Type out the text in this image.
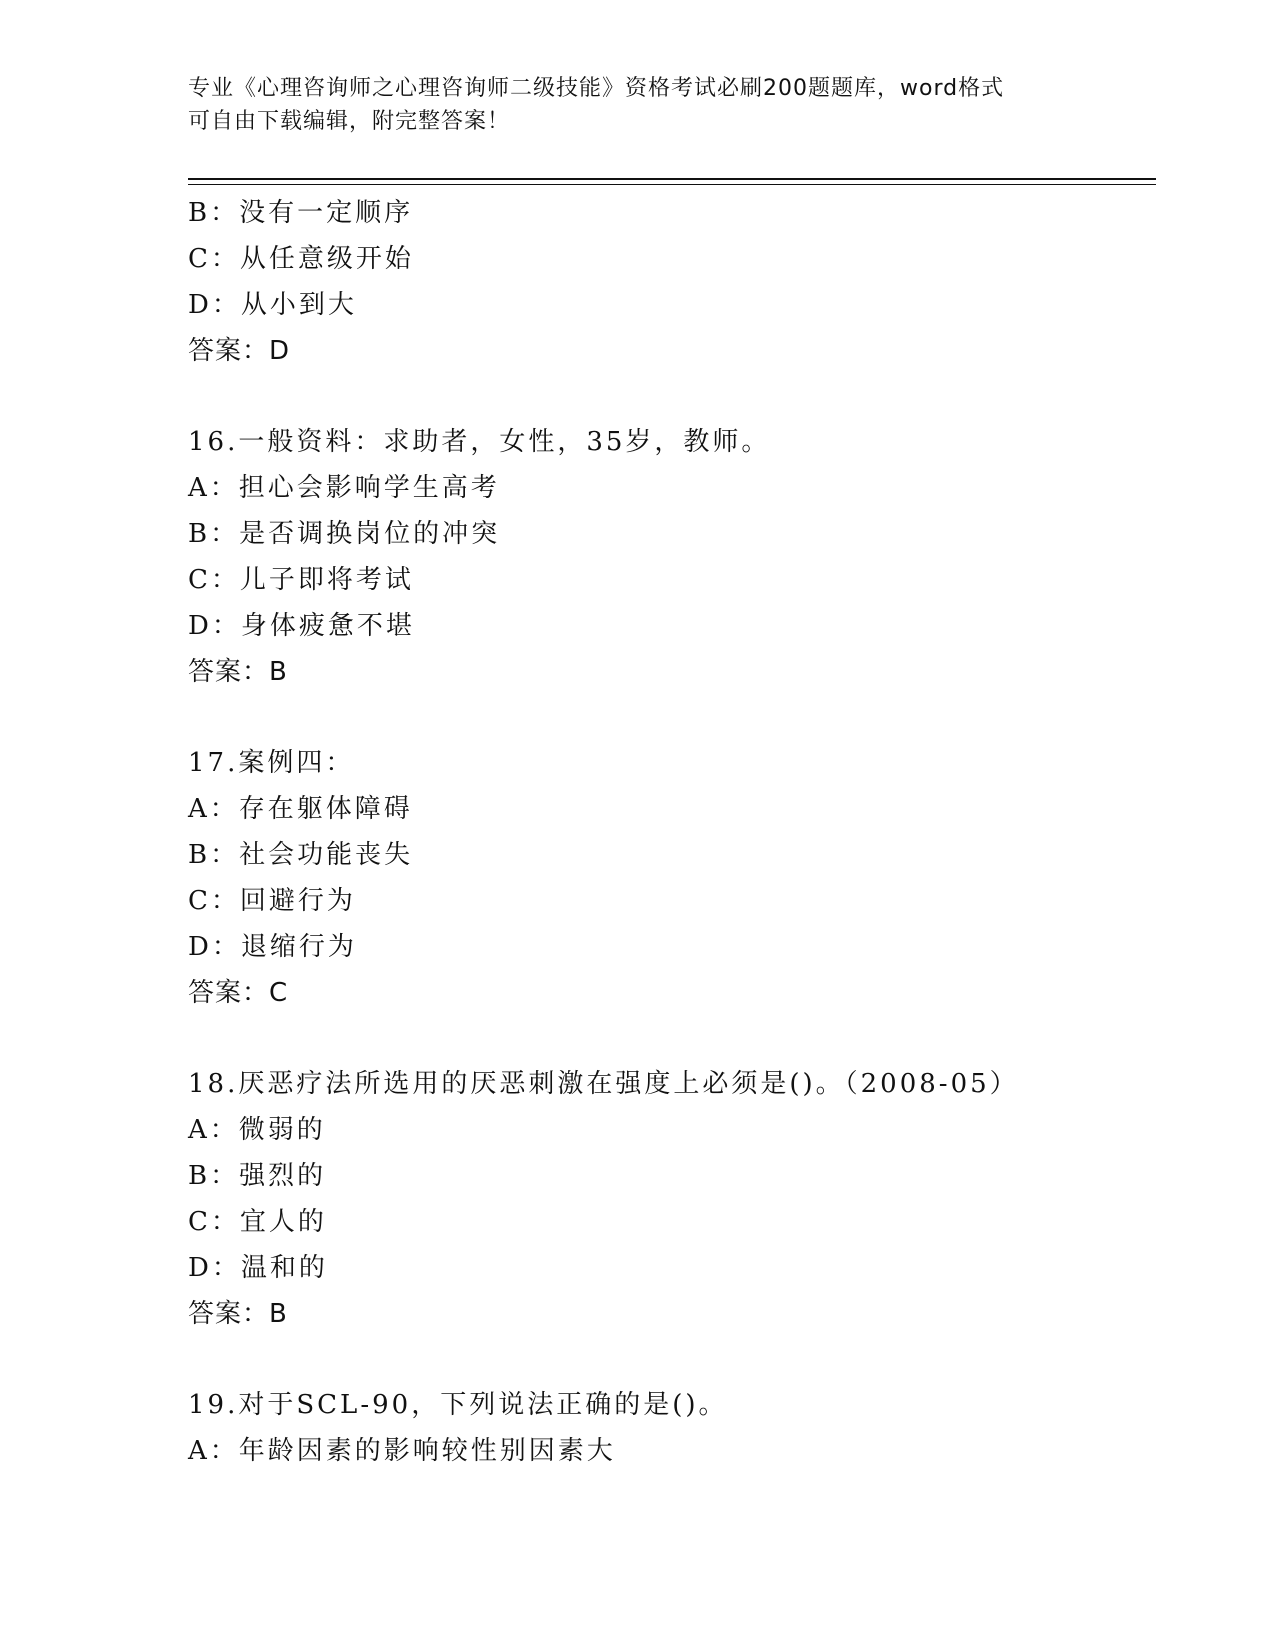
专业《心理咨询师之心理咨询师二级技能》资格考试必刷200题题库，word格式
可自由下载编辑，附完整答案！
B：没有一定顺序
C：从任意级开始
D：从小到大
答案：D
16.一般资料：求助者，女性，35岁，教师。
A：担心会影响学生高考
B：是否调换岗位的冲突
C：儿子即将考试
D：身体疲惫不堪
答案：B
17.案例四：
A：存在躯体障碍
B：社会功能丧失
C：回避行为
D：退缩行为
答案：C
18.厌恶疗法所选用的厌恶刺激在强度上必须是()。（2008-05）
A：微弱的
B：强烈的
C：宜人的
D：温和的
答案：B
19.对于SCL-90，下列说法正确的是()。
A：年龄因素的影响较性别因素大
